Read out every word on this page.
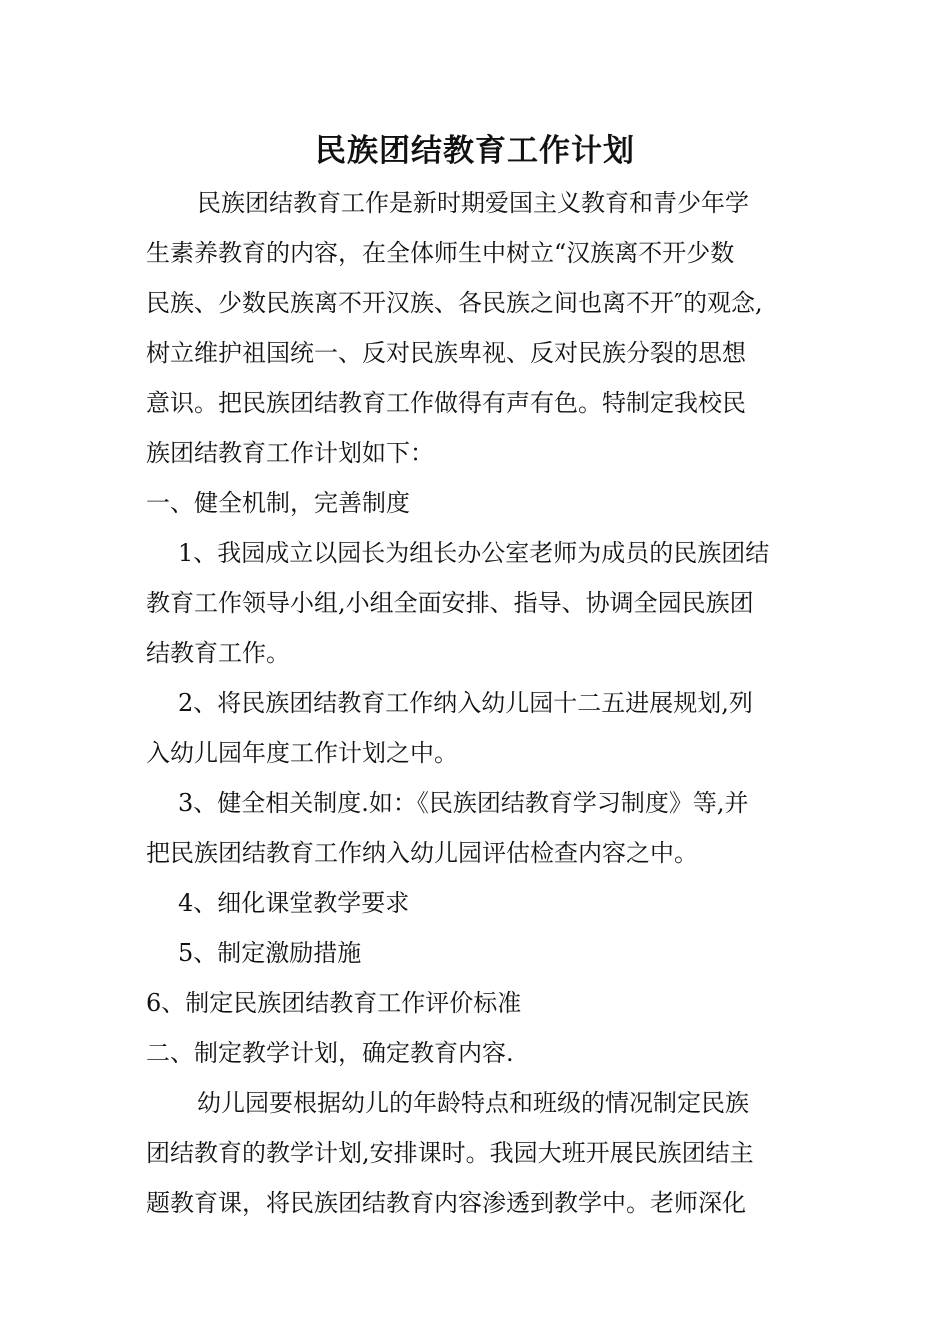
民族团结教育工作计划

民族团结教育工作是新时期爱国主义教育和青少年学

生素养教育的内容，在全体师生中树立“汉族离不开少数

民族、少数民族离不开汉族、各民族之间也离不开″的观念,

树立维护祖国统一、反对民族卑视、反对民族分裂的思想

意识。把民族团结教育工作做得有声有色。特制定我校民

族团结教育工作计划如下：

一、健全机制，完善制度

1、我园成立以园长为组长办公室老师为成员的民族团结

教育工作领导小组,小组全面安排、指导、协调全园民族团

结教育工作。

2、将民族团结教育工作纳入幼儿园十二五进展规划,列

入幼儿园年度工作计划之中。

3、健全相关制度.如：《民族团结教育学习制度》等,并

把民族团结教育工作纳入幼儿园评估检查内容之中。

4、细化课堂教学要求

5、制定激励措施

6、制定民族团结教育工作评价标准

二、制定教学计划，确定教育内容.

幼儿园要根据幼儿的年龄特点和班级的情况制定民族

团结教育的教学计划,安排课时。我园大班开展民族团结主

题教育课，将民族团结教育内容渗透到教学中。老师深化
